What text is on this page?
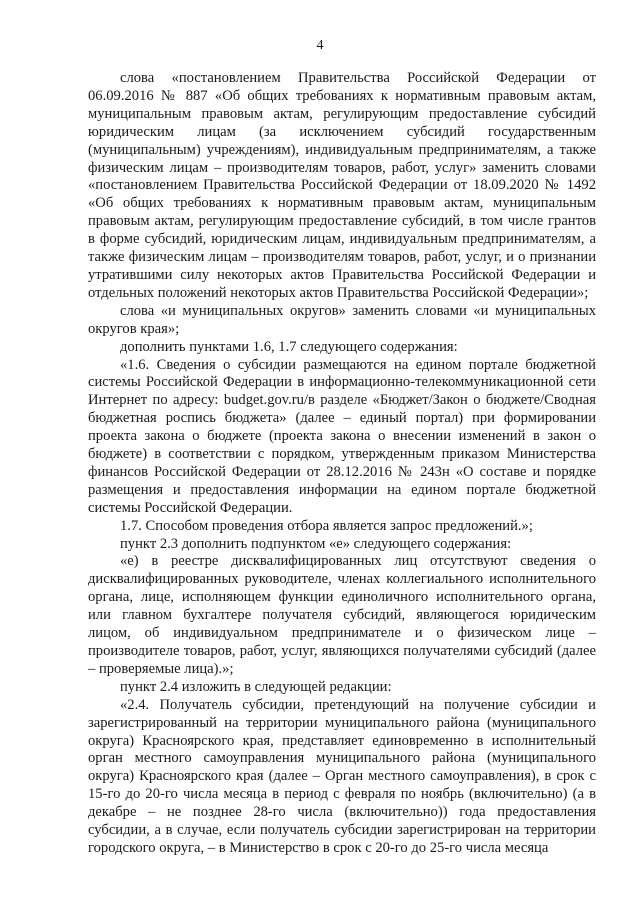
4

слова «постановлением Правительства Российской Федерации от 06.09.2016 № 887 «Об общих требованиях к нормативным правовым актам, муниципальным правовым актам, регулирующим предоставление субсидий юридическим лицам (за исключением субсидий государственным (муниципальным) учреждениям), индивидуальным предпринимателям, а также физическим лицам – производителям товаров, работ, услуг» заменить словами «постановлением Правительства Российской Федерации от 18.09.2020 № 1492 «Об общих требованиях к нормативным правовым актам, муниципальным правовым актам, регулирующим предоставление субсидий, в том числе грантов в форме субсидий, юридическим лицам, индивидуальным предпринимателям, а также физическим лицам – производителям товаров, работ, услуг, и о признании утратившими силу некоторых актов Правительства Российской Федерации и отдельных положений некоторых актов Правительства Российской Федерации»;

слова «и муниципальных округов» заменить словами «и муниципальных округов края»;

дополнить пунктами 1.6, 1.7 следующего содержания:

«1.6. Сведения о субсидии размещаются на едином портале бюджетной системы Российской Федерации в информационно-телекоммуникационной сети Интернет по адресу: budget.gov.ru/в разделе «Бюджет/Закон о бюджете/Сводная бюджетная роспись бюджета» (далее – единый портал) при формировании проекта закона о бюджете (проекта закона о внесении изменений в закон о бюджете) в соответствии с порядком, утвержденным приказом Министерства финансов Российской Федерации от 28.12.2016 № 243н «О составе и порядке размещения и предоставления информации на едином портале бюджетной системы Российской Федерации.

1.7. Способом проведения отбора является запрос предложений.»;

пункт 2.3 дополнить подпунктом «е» следующего содержания:

«е) в реестре дисквалифицированных лиц отсутствуют сведения о дисквалифицированных руководителе, членах коллегиального исполнительного органа, лице, исполняющем функции единоличного исполнительного органа, или главном бухгалтере получателя субсидий, являющегося юридическим лицом, об индивидуальном предпринимателе и о физическом лице – производителе товаров, работ, услуг, являющихся получателями субсидий (далее – проверяемые лица).»;

пункт 2.4 изложить в следующей редакции:

«2.4. Получатель субсидии, претендующий на получение субсидии и зарегистрированный на территории муниципального района (муниципального округа) Красноярского края, представляет единовременно в исполнительный орган местного самоуправления муниципального района (муниципального округа) Красноярского края (далее – Орган местного самоуправления), в срок с 15-го до 20-го числа месяца в период с февраля по ноябрь (включительно) (а в декабре – не позднее 28-го числа (включительно)) года предоставления субсидии, а в случае, если получатель субсидии зарегистрирован на территории городского округа, – в Министерство в срок с 20-го до 25-го числа месяца
